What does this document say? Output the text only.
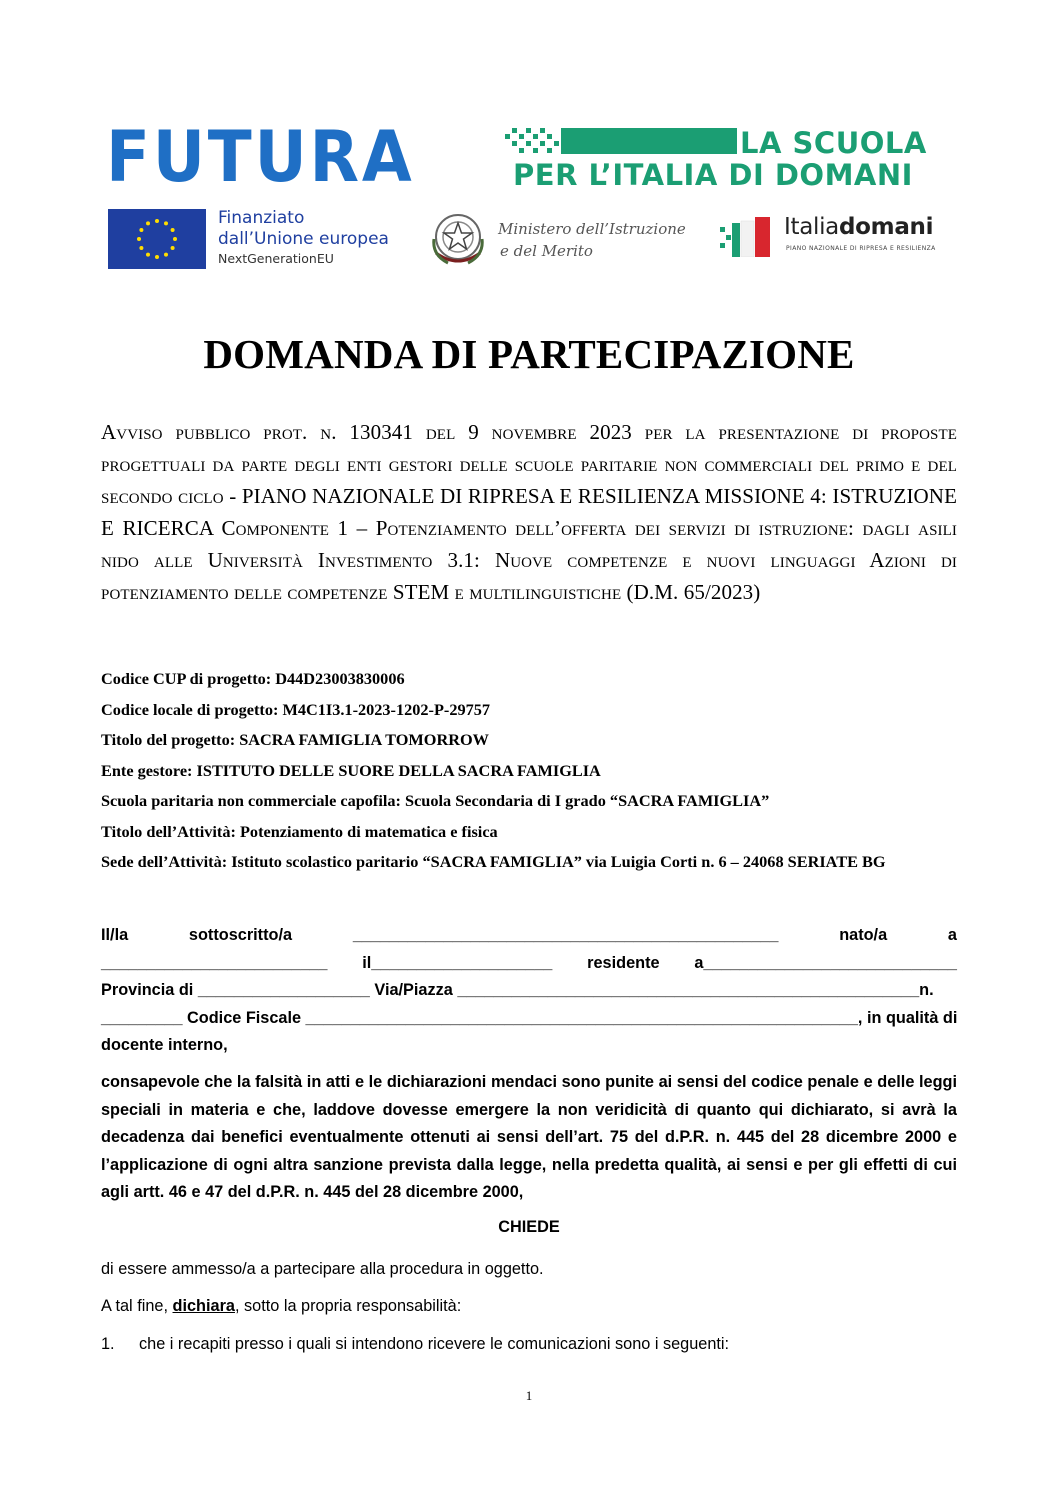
FUTURA	LA SCUOLA
PER L’ITALIA DI DOMANI
Finanziato
dall’Unione europea
NextGenerationEU
Ministero dell’Istruzione
e del Merito
Italiadomani
PIANO NAZIONALE DI RIPRESA E RESILIENZA
DOMANDA DI PARTECIPAZIONE
Avviso pubblico prot. n. 130341 del 9 novembre 2023 per la presentazione di proposte progettuali da parte degli enti gestori delle scuole paritarie non commerciali del primo e del secondo ciclo - PIANO NAZIONALE DI RIPRESA E RESILIENZA MISSIONE 4: ISTRUZIONE E RICERCA Componente 1 – Potenziamento dell’offerta dei servizi di istruzione: dagli asili nido alle Università Investimento 3.1: Nuove competenze e nuovi linguaggi Azioni di potenziamento delle competenze STEM e multilinguistiche (D.M. 65/2023)
Codice CUP di progetto: D44D23003830006
Codice locale di progetto: M4C1I3.1-2023-1202-P-29757
Titolo del progetto: SACRA FAMIGLIA TOMORROW
Ente gestore: ISTITUTO DELLE SUORE DELLA SACRA FAMIGLIA
Scuola paritaria non commerciale capofila: Scuola Secondaria di I grado “SACRA FAMIGLIA”
Titolo dell’Attività: Potenziamento di matematica e fisica
Sede dell’Attività: Istituto scolastico paritario “SACRA FAMIGLIA” via Luigia Corti n. 6 – 24068 SERIATE BG
Il/la	sottoscritto/a	_______________________________________________	nato/a	a
_________________________ il____________________ residente a____________________________
Provincia di ___________________ Via/Piazza ___________________________________________________n.
_________ Codice Fiscale _____________________________________________________________, in qualità di
docente interno,
consapevole che la falsità in atti e le dichiarazioni mendaci sono punite ai sensi del codice penale e delle leggi speciali in materia e che, laddove dovesse emergere la non veridicità di quanto qui dichiarato, si avrà la decadenza dai benefici eventualmente ottenuti ai sensi dell’art. 75 del d.P.R. n. 445 del 28 dicembre 2000 e l’applicazione di ogni altra sanzione prevista dalla legge, nella predetta qualità, ai sensi e per gli effetti di cui agli artt. 46 e 47 del d.P.R. n. 445 del 28 dicembre 2000,
CHIEDE
di essere ammesso/a a partecipare alla procedura in oggetto.
A tal fine, dichiara, sotto la propria responsabilità:
1. che i recapiti presso i quali si intendono ricevere le comunicazioni sono i seguenti:
1
